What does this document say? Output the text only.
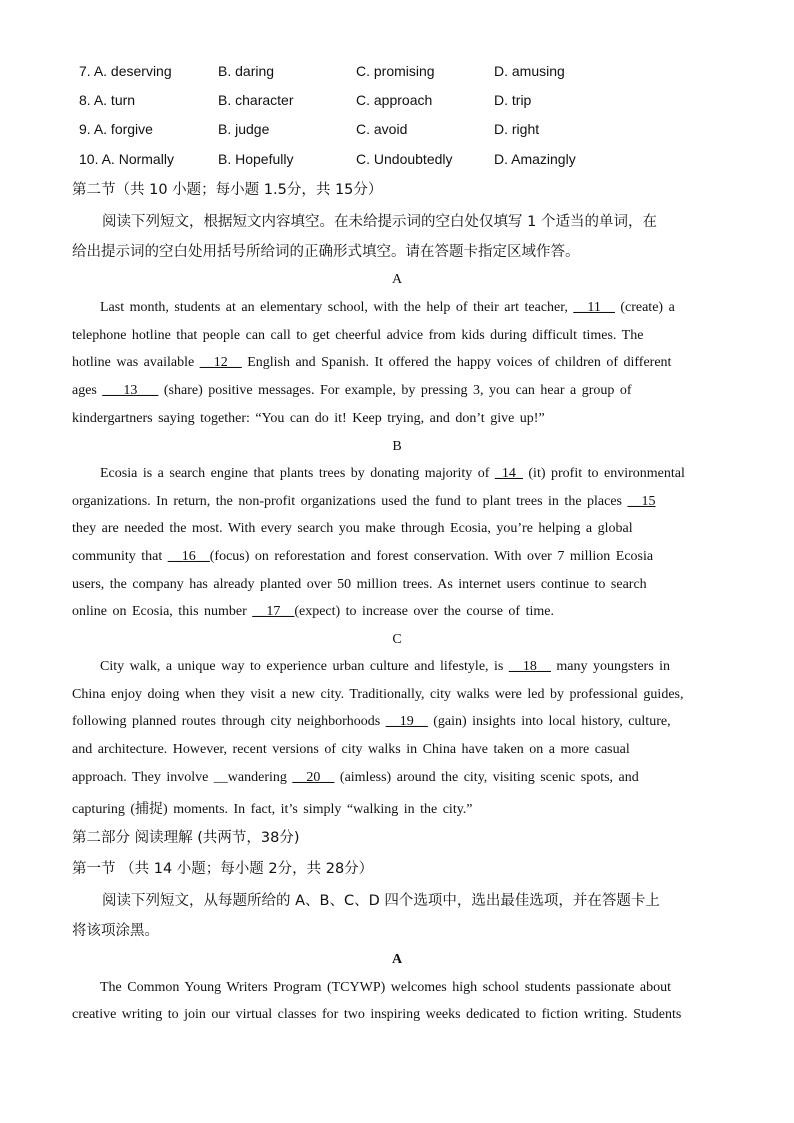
7. A. deserving	B. daring	C. promising	D. amusing
8. A. turn	B. character	C. approach	D. trip
9. A. forgive	B. judge	C. avoid	D. right
10. A. Normally	B. Hopefully	C. Undoubtedly	D. Amazingly
第二节（共 10 小题；每小题 1.5分，共 15分）
阅读下列短文，根据短文内容填空。在未给提示词的空白处仅填写 1 个适当的单词，在
给出提示词的空白处用括号所给词的正确形式填空。请在答题卡指定区域作答。
A
Last month, students at an elementary school, with the help of their art teacher, __11__ (create) a
telephone hotline that people can call to get cheerful advice from kids during difficult times. The
hotline was available __12__ English and Spanish. It offered the happy voices of children of different
ages ___13___ (share) positive messages. For example, by pressing 3, you can hear a group of
kindergartners saying together: “You can do it! Keep trying, and don’t give up!”
B
Ecosia is a search engine that plants trees by donating majority of _14_ (it) profit to environmental
organizations. In return, the non-profit organizations used the fund to plant trees in the places __15
they are needed the most. With every search you make through Ecosia, you’re helping a global
community that __16__(focus) on reforestation and forest conservation. With over 7 million Ecosia
users, the company has already planted over 50 million trees. As internet users continue to search
online on Ecosia, this number __17__(expect) to increase over the course of time.
C
City walk, a unique way to experience urban culture and lifestyle, is __18__ many youngsters in
China enjoy doing when they visit a new city. Traditionally, city walks were led by professional guides,
following planned routes through city neighborhoods __19__ (gain) insights into local history, culture,
and architecture. However, recent versions of city walks in China have taken on a more casual
approach. They involve __wandering __20__ (aimless) around the city, visiting scenic spots, and
capturing (捕捉) moments. In fact, it’s simply “walking in the city.”
第二部分 阅读理解 (共两节，38分)
第一节 （共 14 小题；每小题 2分，共 28分）
阅读下列短文，从每题所给的 A、B、C、D 四个选项中，选出最佳选项，并在答题卡上
将该项涂黑。
A
The Common Young Writers Program (TCYWP) welcomes high school students passionate about
creative writing to join our virtual classes for two inspiring weeks dedicated to fiction writing. Students
